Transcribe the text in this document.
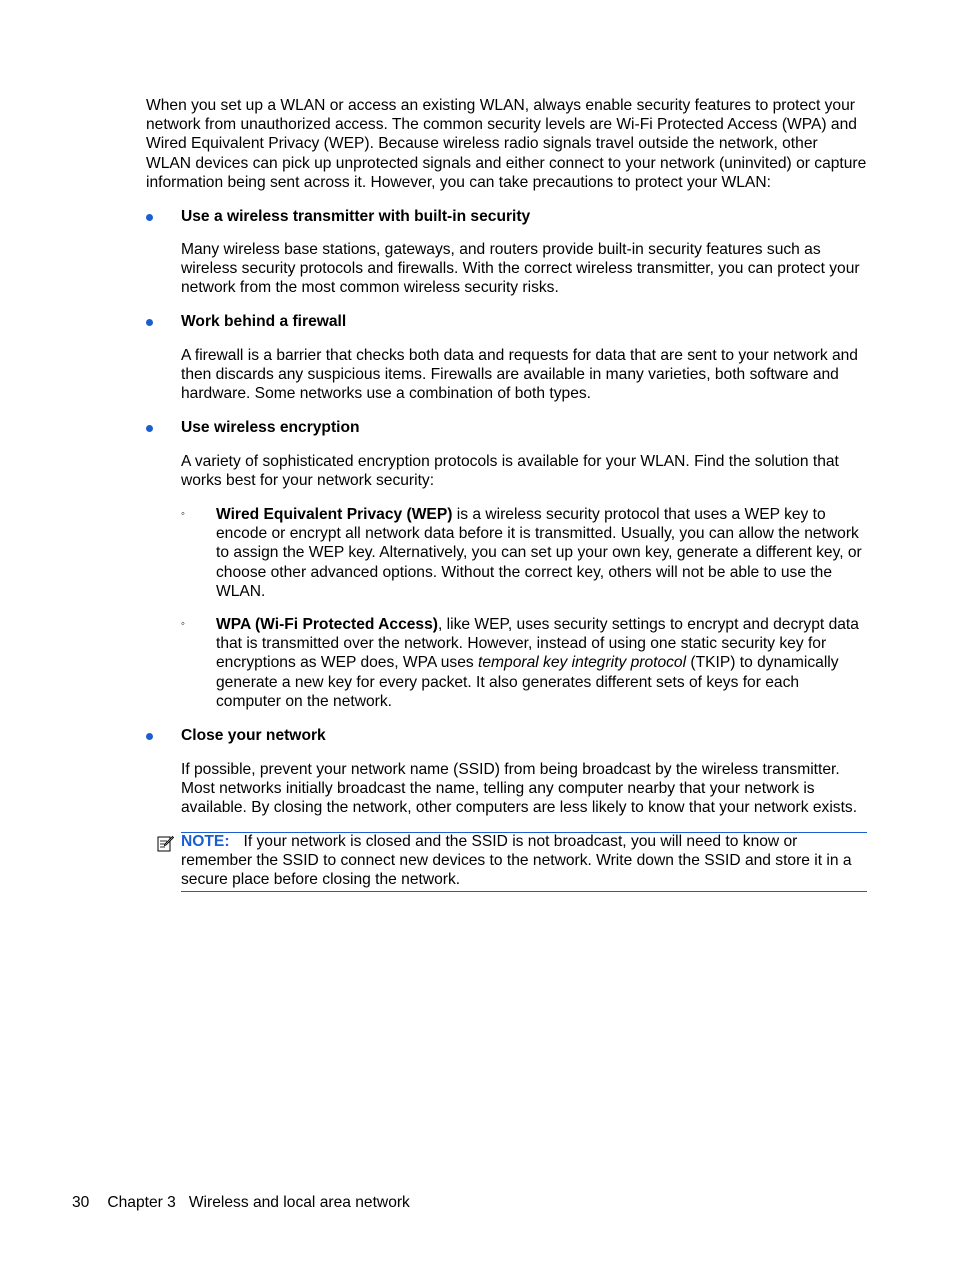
When you set up a WLAN or access an existing WLAN, always enable security features to protect your network from unauthorized access. The common security levels are Wi-Fi Protected Access (WPA) and Wired Equivalent Privacy (WEP). Because wireless radio signals travel outside the network, other WLAN devices can pick up unprotected signals and either connect to your network (uninvited) or capture information being sent across it. However, you can take precautions to protect your WLAN:

Use a wireless transmitter with built-in security

Many wireless base stations, gateways, and routers provide built-in security features such as wireless security protocols and firewalls. With the correct wireless transmitter, you can protect your network from the most common wireless security risks.

Work behind a firewall

A firewall is a barrier that checks both data and requests for data that are sent to your network and then discards any suspicious items. Firewalls are available in many varieties, both software and hardware. Some networks use a combination of both types.

Use wireless encryption

A variety of sophisticated encryption protocols is available for your WLAN. Find the solution that works best for your network security:

◦ Wired Equivalent Privacy (WEP) is a wireless security protocol that uses a WEP key to encode or encrypt all network data before it is transmitted. Usually, you can allow the network to assign the WEP key. Alternatively, you can set up your own key, generate a different key, or choose other advanced options. Without the correct key, others will not be able to use the WLAN.

◦ WPA (Wi-Fi Protected Access), like WEP, uses security settings to encrypt and decrypt data that is transmitted over the network. However, instead of using one static security key for encryptions as WEP does, WPA uses temporal key integrity protocol (TKIP) to dynamically generate a new key for every packet. It also generates different sets of keys for each computer on the network.

Close your network

If possible, prevent your network name (SSID) from being broadcast by the wireless transmitter. Most networks initially broadcast the name, telling any computer nearby that your network is available. By closing the network, other computers are less likely to know that your network exists.

NOTE: If your network is closed and the SSID is not broadcast, you will need to know or remember the SSID to connect new devices to the network. Write down the SSID and store it in a secure place before closing the network.

30 Chapter 3 Wireless and local area network
